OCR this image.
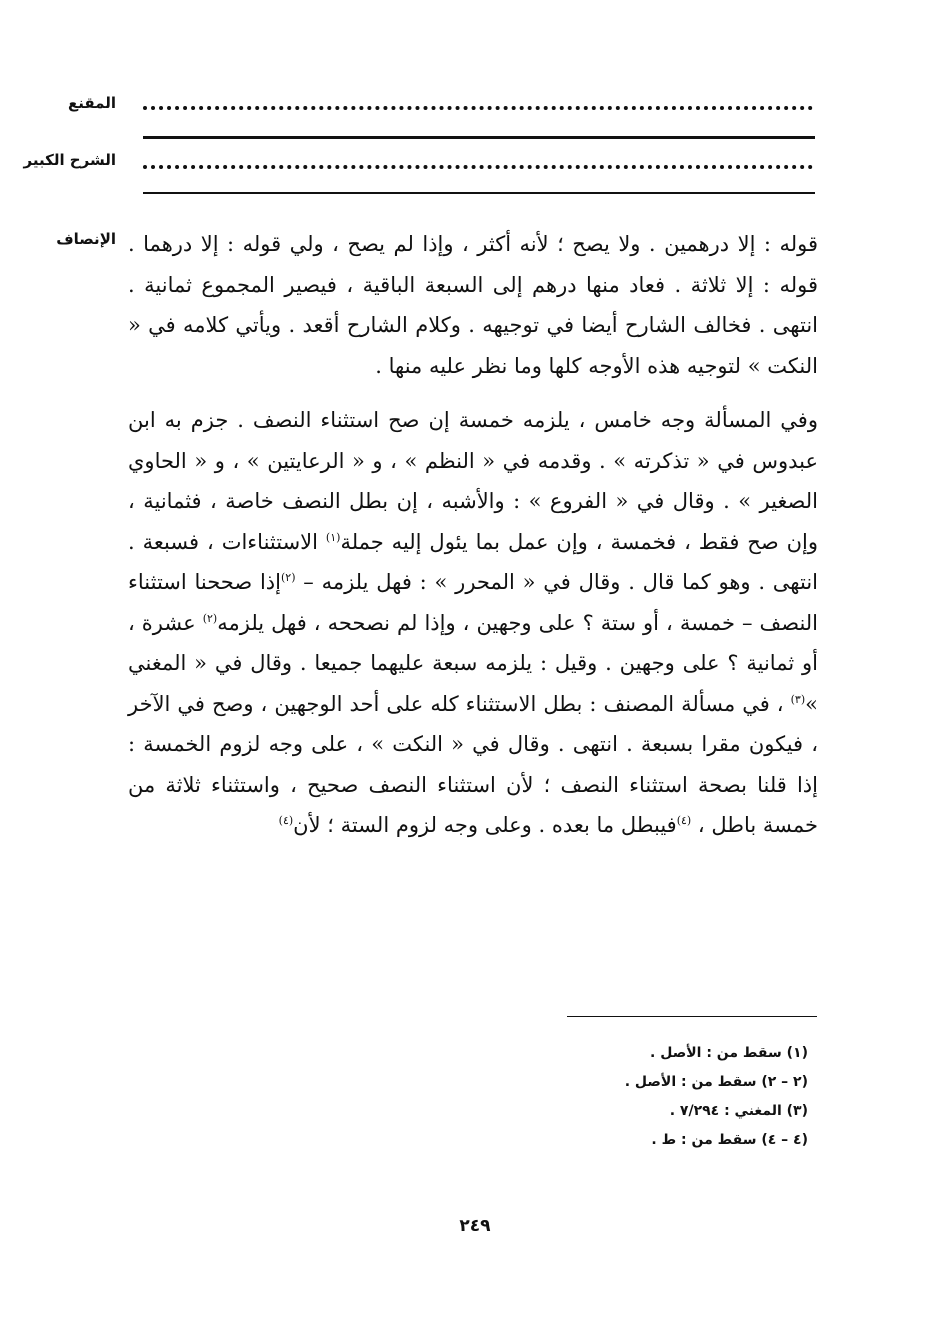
المقنع
الشرح الكبير
الإنصاف قوله : إلا درهمين . ولا يصح ؛ لأنه أكثر ، وإذا لم يصح ، ولي قوله : إلا درهما . قوله : إلا ثلاثة . فعاد منها درهم إلى السبعة الباقية ، فيصير المجموع ثمانية . انتهى . فخالف الشارح أيضا في توجيهه . وكلام الشارح أقعد . ويأتي كلامه في « النكت » لتوجيه هذه الأوجه كلها وما نظر عليه منها .

وفي المسألة وجه خامس ، يلزمه خمسة إن صح استثناء النصف . جزم به ابن عبدوس في « تذكرته » . وقدمه في « النظم » ، و « الرعايتين » ، و « الحاوي الصغير » . وقال في « الفروع » : والأشبه ، إن بطل النصف خاصة ، فثمانية ، وإن صح فقط ، فخمسة ، وإن عمل بما يئول إليه جملة$^{(١)}$ الاستثناءات ، فسبعة . انتهى . وهو كما قال . وقال في « المحرر » : فهل يلزمه – $^{(٢)}$إذا صححنا استثناء النصف – خمسة ، أو ستة ؟ على وجهين ، وإذا لم نصححه ، فهل يلزمه$^{(٢)}$ عشرة ، أو ثمانية ؟ على وجهين . وقيل : يلزمه سبعة عليهما جميعا . وقال في « المغني »$^{(٣)}$ ، في مسألة المصنف : بطل الاستثناء كله على أحد الوجهين ، وصح في الآخر ، فيكون مقرا بسبعة . انتهى . وقال في « النكت » ، على وجه لزوم الخمسة : إذا قلنا بصحة استثناء النصف ؛ لأن استثناء النصف صحيح ، واستثناء ثلاثة من خمسة باطل ، $^{(٤)}$فيبطل ما بعده . وعلى وجه لزوم الستة ؛ لأن$^{(٤)}$

(١) سقط من : الأصل .
(٢ – ٢) سقط من : الأصل .
(٣) المغني : ٧/٢٩٤ .
(٤ – ٤) سقط من : ط .
٢٤٩
